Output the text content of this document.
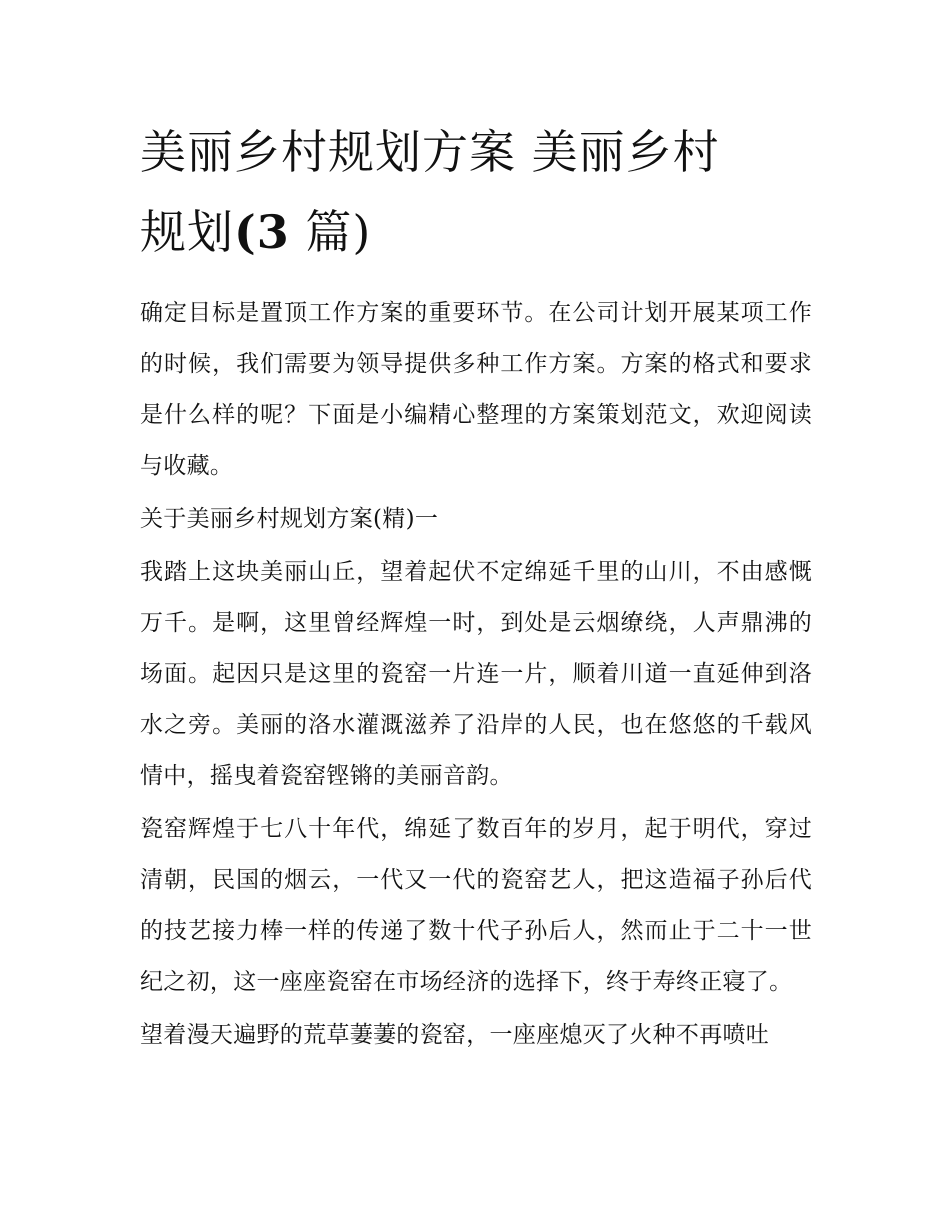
美丽乡村规划方案 美丽乡村
规划(3 篇)

确定目标是置顶工作方案的重要环节。在公司计划开展某项工作的时候，我们需要为领导提供多种工作方案。方案的格式和要求是什么样的呢？下面是小编精心整理的方案策划范文，欢迎阅读与收藏。

关于美丽乡村规划方案(精)一

我踏上这块美丽山丘，望着起伏不定绵延千里的山川，不由感慨万千。是啊，这里曾经辉煌一时，到处是云烟缭绕，人声鼎沸的场面。起因只是这里的瓷窑一片连一片，顺着川道一直延伸到洛水之旁。美丽的洛水灌溉滋养了沿岸的人民，也在悠悠的千载风情中，摇曳着瓷窑铿锵的美丽音韵。

瓷窑辉煌于七八十年代，绵延了数百年的岁月，起于明代，穿过清朝，民国的烟云，一代又一代的瓷窑艺人，把这造福子孙后代的技艺接力棒一样的传递了数十代子孙后人，然而止于二十一世纪之初，这一座座瓷窑在市场经济的选择下，终于寿终正寝了。

望着漫天遍野的荒草萋萋的瓷窑，一座座熄灭了火种不再喷吐
